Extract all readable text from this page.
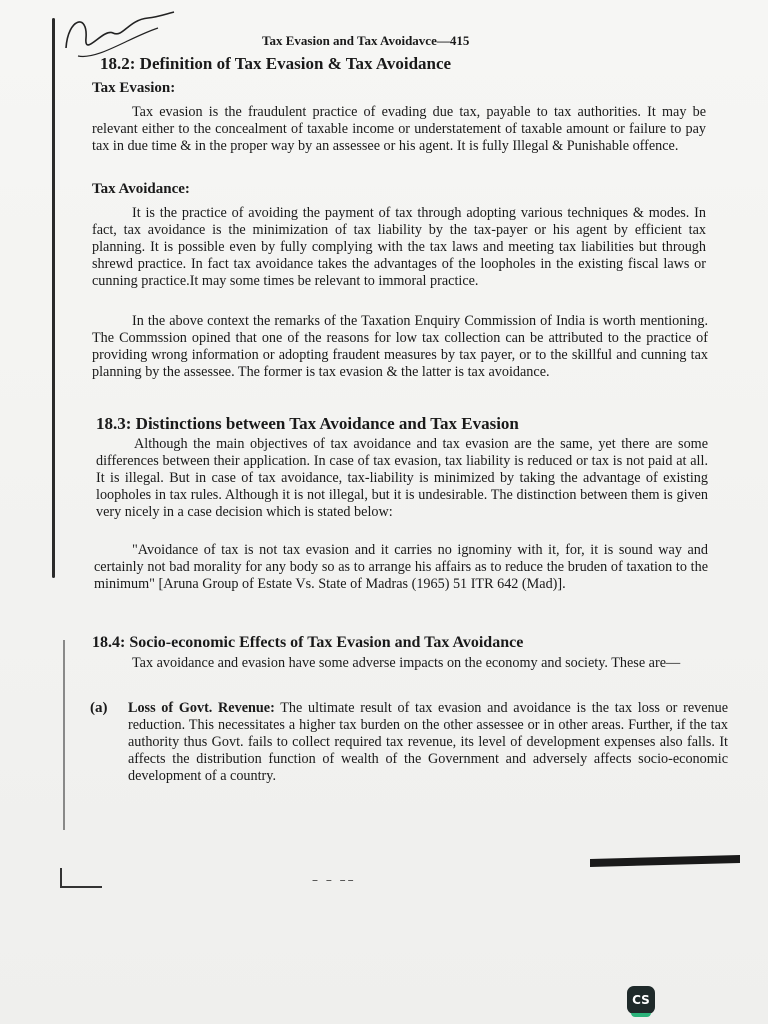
Tax Evasion and Tax Avoidavce—415
18.2: Definition of Tax Evasion & Tax Avoidance
Tax Evasion:
Tax evasion is the fraudulent practice of evading due tax, payable to tax authorities. It may be relevant either to the concealment of taxable income or understatement of taxable amount or failure to pay tax in due time & in the proper way by an assessee or his agent. It is fully Illegal & Punishable offence.
Tax Avoidance:
It is the practice of avoiding the payment of tax through adopting various techniques & modes. In fact, tax avoidance is the minimization of tax liability by the tax-payer or his agent by efficient tax planning. It is possible even by fully complying with the tax laws and meeting tax liabilities but through shrewd practice. In fact tax avoidance takes the advantages of the loopholes in the existing fiscal laws or cunning practice.It may some times be relevant to immoral practice.
In the above context the remarks of the Taxation Enquiry Commission of India is worth mentioning. The Commssion opined that one of the reasons for low tax collection can be attributed to the practice of providing wrong information or adopting fraudent measures by tax payer, or to the skillful and cunning tax planning by the assessee. The former is tax evasion & the latter is tax avoidance.
18.3: Distinctions between Tax Avoidance and Tax Evasion
Although the main objectives of tax avoidance and tax evasion are the same, yet there are some differences between their application. In case of tax evasion, tax liability is reduced or tax is not paid at all. It is illegal. But in case of tax avoidance, tax-liability is minimized by taking the advantage of existing loopholes in tax rules. Although it is not illegal, but it is undesirable. The distinction between them is given very nicely in a case decision which is stated below:
"Avoidance of tax is not tax evasion and it carries no ignominy with it, for, it is sound way and certainly not bad morality for any body so as to arrange his affairs as to reduce the bruden of taxation to the minimum" [Aruna Group of Estate Vs. State of Madras (1965) 51 ITR 642 (Mad)].
18.4: Socio-economic Effects of Tax Evasion and Tax Avoidance
Tax avoidance and evasion have some adverse impacts on the economy and society. These are—
(a) Loss of Govt. Revenue: The ultimate result of tax evasion and avoidance is the tax loss or revenue reduction. This necessitates a higher tax burden on the other assessee or in other areas. Further, if the tax authority thus Govt. fails to collect required tax revenue, its level of development expenses also falls. It affects the distribution function of wealth of the Government and adversely affects socio-economic development of a country.
– – ––
CS
